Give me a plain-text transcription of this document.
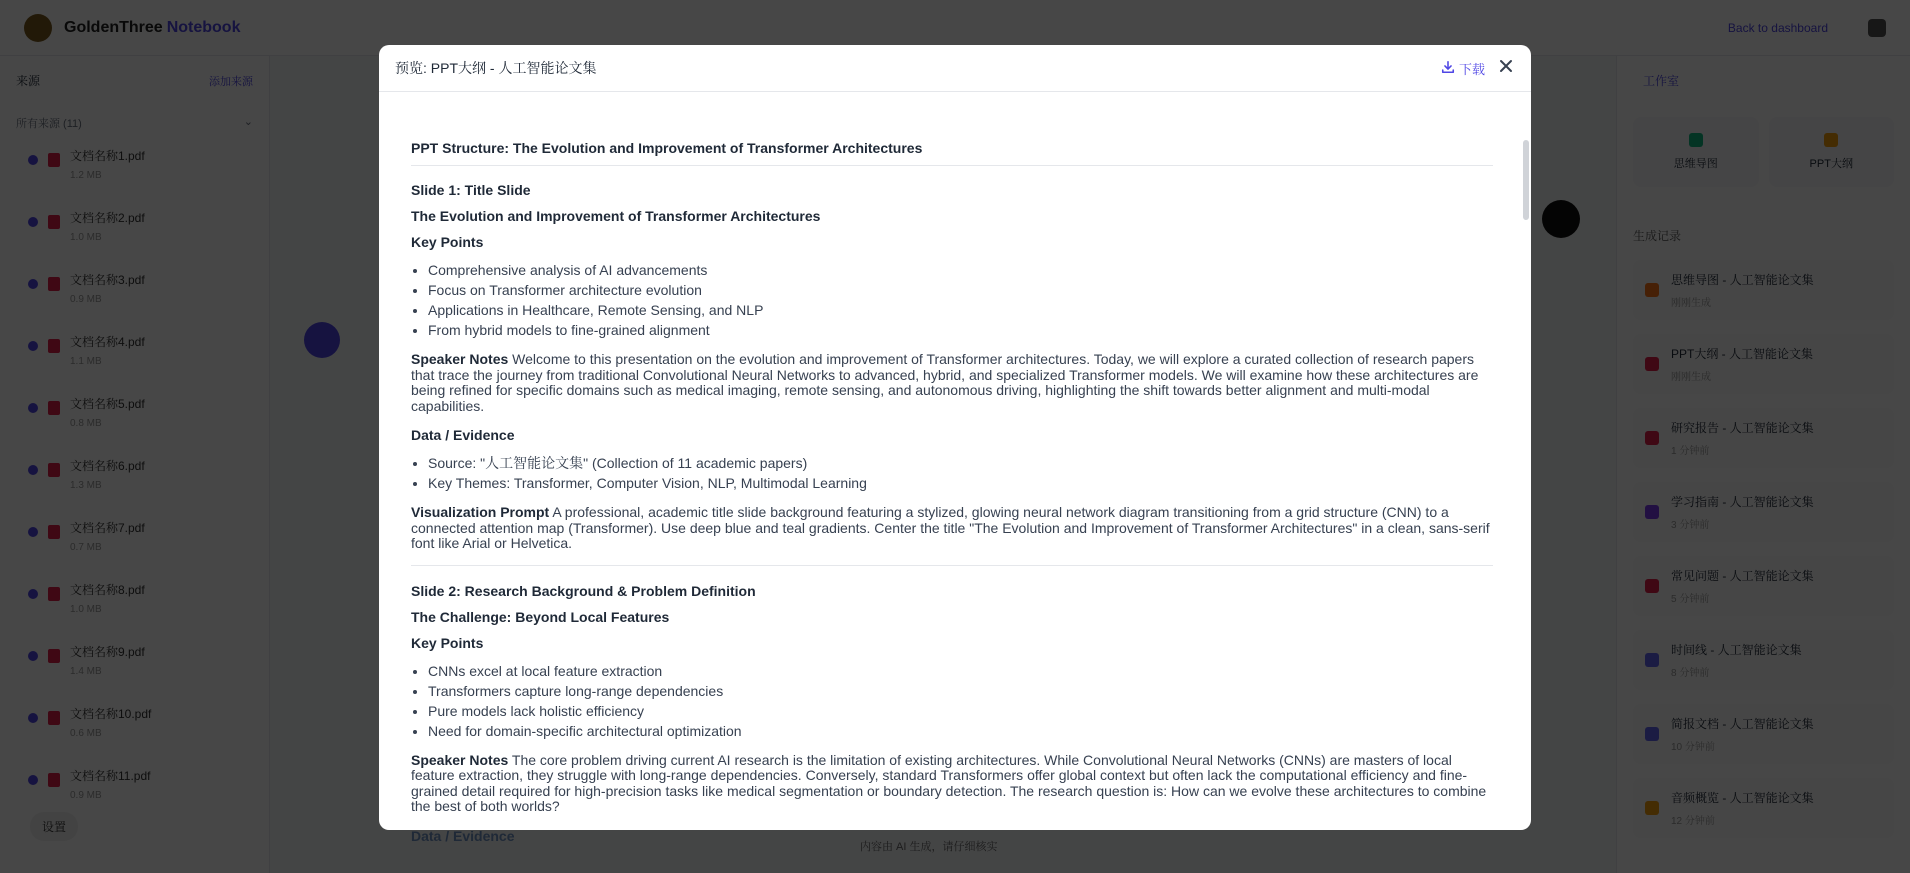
预览: PPT大纲 - 人工智能论文集	下载
PPT Structure: The Evolution and Improvement of Transformer Architectures
Slide 1: Title Slide
The Evolution and Improvement of Transformer Architectures
Key Points
• Comprehensive analysis of AI advancements
• Focus on Transformer architecture evolution
• Applications in Healthcare, Remote Sensing, and NLP
• From hybrid models to fine-grained alignment

Speaker Notes Welcome to this presentation on the evolution and improvement of Transformer architectures. Today, we will explore a curated collection of research papers that trace the journey from traditional Convolutional Neural Networks to advanced, hybrid, and specialized Transformer models. We will examine how these architectures are being refined for specific domains such as medical imaging, remote sensing, and autonomous driving, highlighting the shift towards better alignment and multi-modal capabilities.

Data / Evidence
• Source: "人工智能论文集" (Collection of 11 academic papers)
• Key Themes: Transformer, Computer Vision, NLP, Multimodal Learning

Visualization Prompt A professional, academic title slide background featuring a stylized, glowing neural network diagram transitioning from a grid structure (CNN) to a connected attention map (Transformer). Use deep blue and teal gradients. Center the title "The Evolution and Improvement of Transformer Architectures" in a clean, sans-serif font like Arial or Helvetica.

Slide 2: Research Background & Problem Definition
The Challenge: Beyond Local Features
Key Points
• CNNs excel at local feature extraction
• Transformers capture long-range dependencies
• Pure models lack holistic efficiency
• Need for domain-specific architectural optimization

Speaker Notes The core problem driving current AI research is the limitation of existing architectures. While Convolutional Neural Networks (CNNs) are masters of local feature extraction, they struggle with long-range dependencies. Conversely, standard Transformers offer global context but often lack the computational efficiency and fine-grained detail required for high-precision tasks like medical segmentation or boundary detection. The research question is: How can we evolve these architectures to combine the best of both worlds?

Data / Evidence
